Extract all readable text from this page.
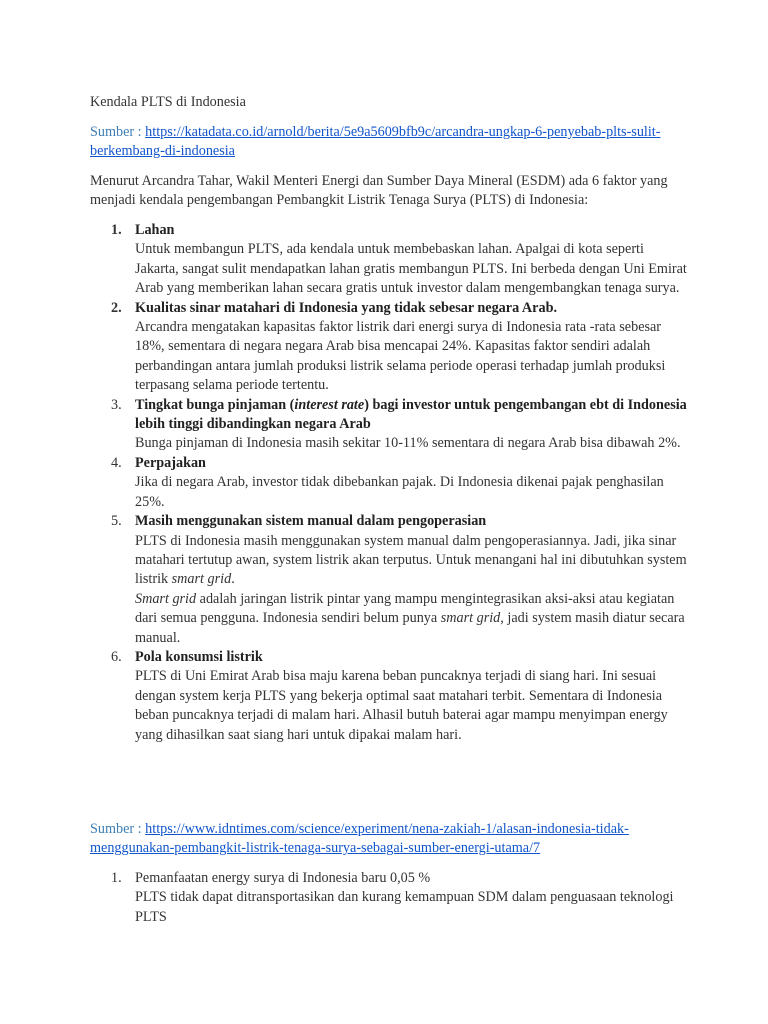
Kendala PLTS di Indonesia
Sumber : https://katadata.co.id/arnold/berita/5e9a5609bfb9c/arcandra-ungkap-6-penyebab-plts-sulit-berkembang-di-indonesia
Menurut Arcandra Tahar, Wakil Menteri Energi dan Sumber Daya Mineral (ESDM) ada 6 faktor yang menjadi kendala pengembangan Pembangkit Listrik Tenaga Surya (PLTS) di Indonesia:
1. Lahan
Untuk membangun PLTS, ada kendala untuk membebaskan lahan. Apalgai di kota seperti Jakarta, sangat sulit mendapatkan lahan gratis membangun PLTS. Ini berbeda dengan Uni Emirat Arab yang memberikan lahan secara gratis untuk investor dalam mengembangkan tenaga surya.
2. Kualitas sinar matahari di Indonesia yang tidak sebesar negara Arab.
Arcandra mengatakan kapasitas faktor listrik dari energi surya di Indonesia rata -rata sebesar 18%, sementara di negara negara Arab bisa mencapai 24%. Kapasitas faktor sendiri adalah perbandingan antara jumlah produksi listrik selama periode operasi terhadap jumlah produksi terpasang selama periode tertentu.
3. Tingkat bunga pinjaman (interest rate) bagi investor untuk pengembangan ebt di Indonesia lebih tinggi dibandingkan negara Arab
Bunga pinjaman di Indonesia masih sekitar 10-11% sementara di negara Arab bisa dibawah 2%.
4. Perpajakan
Jika di negara Arab, investor tidak dibebankan pajak. Di Indonesia dikenai pajak penghasilan 25%.
5. Masih menggunakan sistem manual dalam pengoperasian
PLTS di Indonesia masih menggunakan system manual dalm pengoperasiannya. Jadi, jika sinar matahari tertutup awan, system listrik akan terputus. Untuk menangani hal ini dibutuhkan system listrik smart grid.
Smart grid adalah jaringan listrik pintar yang mampu mengintegrasikan aksi-aksi atau kegiatan dari semua pengguna. Indonesia sendiri belum punya smart grid, jadi system masih diatur secara manual.
6. Pola konsumsi listrik
PLTS di Uni Emirat Arab bisa maju karena beban puncaknya terjadi di siang hari. Ini sesuai dengan system kerja PLTS yang bekerja optimal saat matahari terbit. Sementara di Indonesia beban puncaknya terjadi di malam hari. Alhasil butuh baterai agar mampu menyimpan energy yang dihasilkan saat siang hari untuk dipakai malam hari.
Sumber : https://www.idntimes.com/science/experiment/nena-zakiah-1/alasan-indonesia-tidak-menggunakan-pembangkit-listrik-tenaga-surya-sebagai-sumber-energi-utama/7
1. Pemanfaatan energy surya di Indonesia baru 0,05 %
PLTS tidak dapat ditransportasikan dan kurang kemampuan SDM dalam penguasaan teknologi PLTS
